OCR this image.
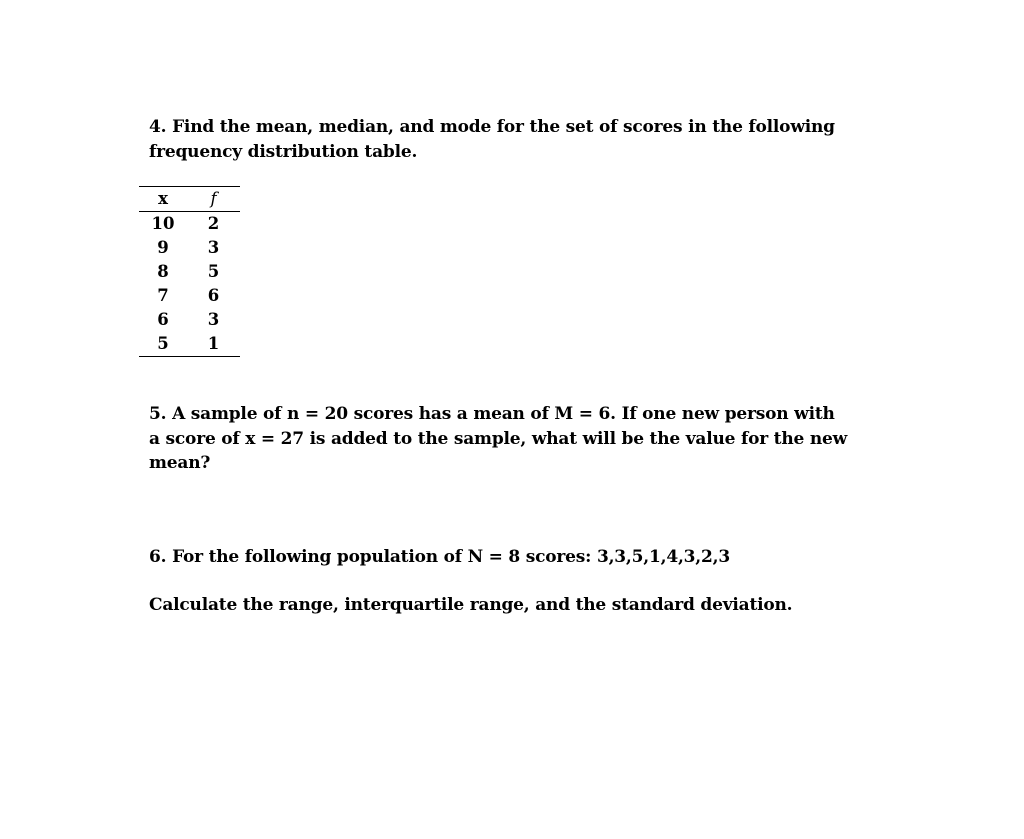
4. Find the mean, median, and mode for the set of scores in the following frequency distribution table.
x	f
10	2
9	3
8	5
7	6
6	3
5	1
5. A sample of n = 20 scores has a mean of M = 6. If one new person with a score of x = 27 is added to the sample, what will be the value for the new mean?
6. For the following population of N = 8 scores: 3,3,5,1,4,3,2,3
Calculate the range, interquartile range, and the standard deviation.
